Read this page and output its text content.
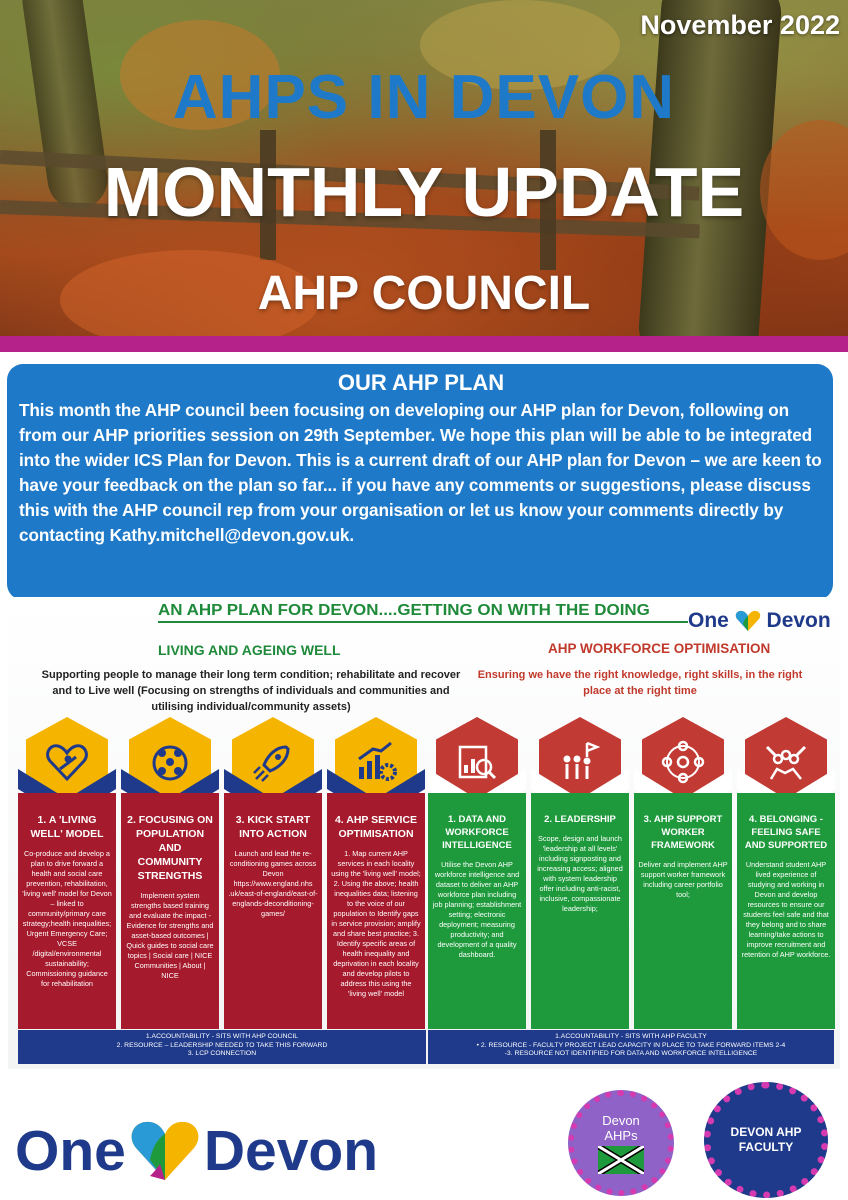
November 2022
AHPS IN DEVON
MONTHLY UPDATE
AHP COUNCIL
OUR AHP PLAN
This month the AHP council been focusing on developing our AHP plan for Devon, following on from our AHP priorities session on 29th September. We hope this plan will be able to be integrated into the wider ICS Plan for Devon. This is a current draft of our AHP plan for Devon – we are keen to have your feedback on the plan so far... if you have any comments or suggestions, please discuss this with the AHP council rep from your organisation or let us know your comments directly by contacting Kathy.mitchell@devon.gov.uk.
AN AHP PLAN FOR DEVON....GETTING ON WITH THE DOING	One Devon
LIVING AND AGEING WELL	AHP WORKFORCE OPTIMISATION
Supporting people to manage their long term condition; rehabilitate and recover and to Live well (Focusing on strengths of individuals and communities and utilising individual/community assets)
Ensuring we have the right knowledge, right skills, in the right place at the right time
1. A 'LIVING WELL' MODEL
Co-produce and develop a plan to drive forward a health and social care prevention, rehabilitation, 'living well' model for Devon – linked to community/primary care strategy;health inequalities; Urgent Emergency Care; VCSE /digital/environmental sustainability; Commissioning guidance for rehabilitation
2. FOCUSING ON POPULATION AND COMMUNITY STRENGTHS
Implement system strengths based training and evaluate the impact - Evidence for strengths and asset-based outcomes | Quick guides to social care topics | Social care | NICE Communities | About | NICE
3. KICK START INTO ACTION
Launch and lead the re-conditioning games across Devon https://www.england.nhs .uk/east-of-england/east-of-englands-deconditioning-games/
4. AHP SERVICE OPTIMISATION
1. Map current AHP services in each locality using the 'living well' model; 2. Using the above; health inequalities data; listening to the voice of our population to Identify gaps in service provision; amplify and share best practice; 3. Identify specific areas of health inequality and deprivation in each locality and develop pilots to address this using the 'living well' model
1. DATA AND WORKFORCE INTELLIGENCE
Utilise the Devon AHP workforce intelligence and dataset to deliver an AHP workforce plan including job planning; establishment setting; electronic deployment; measuring productivity; and development of a quality dashboard.
2. LEADERSHIP
Scope, design and launch 'leadership at all levels' including signposting and increasing access; aligned with system leadership offer including anti-racist, inclusive, compassionate leadership;
3. AHP SUPPORT WORKER FRAMEWORK
Deliver and implement AHP support worker framework including career portfolio tool;
4. BELONGING - FEELING SAFE AND SUPPORTED
Understand student AHP lived experience of studying and working in Devon and develop resources to ensure our students feel safe and that they belong and to share learning/take actions to improve recruitment and retention of AHP workforce.
1.ACCOUNTABILITY - SITS WITH AHP COUNCIL
2. RESOURCE – LEADERSHIP NEEDED TO TAKE THIS FORWARD
3. LCP CONNECTION
1.ACCOUNTABILITY - SITS WITH AHP FACULTY
• 2. RESOURCE - FACULTY PROJECT LEAD CAPACITY IN PLACE TO TAKE FORWARD ITEMS 2-4
-3. RESOURCE NOT IDENTIFIED FOR DATA AND WORKFORCE INTELLIGENCE
One Devon	Devon
AHPs	DEVON AHP FACULTY
